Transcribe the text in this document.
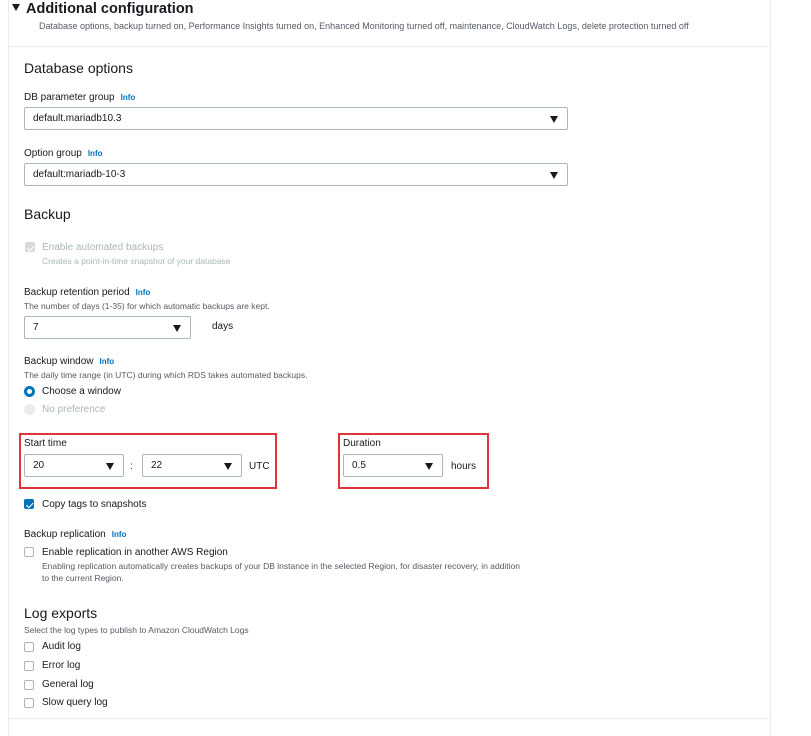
Additional configuration
Database options, backup turned on, Performance Insights turned on, Enhanced Monitoring turned off, maintenance, CloudWatch Logs, delete protection turned off
Database options
DB parameter group Info
default.mariadb10.3
Option group Info
default:mariadb-10-3
Backup
Enable automated backups
Creates a point-in-time snapshot of your database
Backup retention period Info
The number of days (1-35) for which automatic backups are kept.
7	days
Backup window Info
The daily time range (in UTC) during which RDS takes automated backups.
Choose a window
No preference
Start time
20	:	22	UTC
Duration
0.5	hours
Copy tags to snapshots
Backup replication Info
Enable replication in another AWS Region
Enabling replication automatically creates backups of your DB instance in the selected Region, for disaster recovery, in addition
to the current Region.
Log exports
Select the log types to publish to Amazon CloudWatch Logs
Audit log
Error log
General log
Slow query log
